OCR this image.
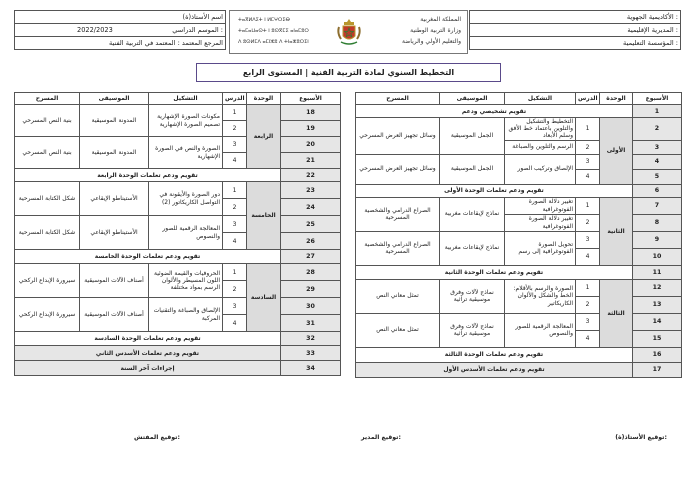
اسم الأستاذ(ة)
2022/2023	الموسم الدراسي :

المرجع المعتمد : المعتمد في التربية الفنية
الأكاديمية الجهوية :
المديرية الإقليمية :
المؤسسة التعليمية :
ⵜⴰⴳⵍⴷⵉⵜ ⵏ ⵍⵎⵖⵔⵉⴱ
ⵜⴰⵎⴰⵡⴰⵙⵜ ⵏ ⵓⵙⴳⵎⵉ ⴰⵏⴰⵎⵓⵔ
ⴷ ⵓⵙⵍⵎⴷ ⴰⵎⵏⵣⵓ ⴷ ⵜⵏⴰⵣⵓⵔⵉⵏ
المملكة المغربية
وزارة التربية الوطنية
والتعليم الأولي والرياضة
التخطيط السنوي لمادة التربية الفنية | المستوى الرابع
المسرح	الموسيقى	التشكيل	الدرس	الوحدة	الأسبوع
بنية النص المسرحي	المدونة الموسيقية	مكونات الصورة الإشهارية تصميم الصورة الإشهارية	1	الرابعة	18
			2		19
بنية النص المسرحي	المدونة الموسيقية	الصورة والنص في الصورة الإشهارية	3		20
			4		21
تقويم ودعم تعلمات الوحدة الرابعة					22
شكل الكتابة المسرحية	الأستيناطو الإيقاعي	دور الصورة والأيقونة في التواصل الكاريكاتور (2)	1	الخامسة	23
			2		24
شكل الكتابة المسرحية	الأستيناطو الإيقاعي	المعالجة الرقمية للصور والنصوص	3		25
			4		26
تقويم ودعم تعلمات الوحدة الخامسة					27
سيرورة الإبداع الركحي	أصناف الآلات الموسيقية	الحروفيات والقيمة الضوئية اللون المسيطر والألوان الرسم بمواد مختلفة	1	السادسة	28
			2		29
سيرورة الإبداع الركحي	أصناف الآلات الموسيقية	الإلصاق والصباغة والتقنيات المركبة	3		30
			4		31
تقويم ودعم تعلمات الوحدة السادسة					32
تقويم ودعم تعلمات الأسدس الثاني					33
إجراءات آخر السنة					34
المسرح	الموسيقى	التشكيل	الدرس	الوحدة	الأسبوع
تقويم تشخيصي ودعم					1
وسائل تجهيز العرض المسرحي	الجمل الموسيقية	التخطيط والتشكيل والتلوين باعتماد خط الأفق وسلم الأبعاد	1	الأولى	2
		الرسم والتلوين والصباغة	2		3
وسائل تجهيز العرض المسرحي	الجمل الموسيقية	الإلصاق وتركيب الصور	3		4
			4		5
تقويم ودعم تعلمات الوحدة الأولى					6
الصراع الدرامي والشخصية المسرحية	نماذج لإيقاعات مغربية	تغيير دلالة الصورة الفوتوغرافية	1	الثانية	7
		تغيير دلالة الصورة الفوتوغرافية	2		8
الصراع الدرامي والشخصية المسرحية	نماذج لإيقاعات مغربية	تحويل الصورة الفوتوغرافية إلى رسم	3		9
			4		10
تقويم ودعم تعلمات الوحدة الثانية					11
تمثل معاني النص	نماذج لآلات وفرق موسيقية تراثية	الصورة والرسم بالأقلام: الخط والشكل والألوان الكاريكاتير	1	الثالثة	12
			2		13
تمثل معاني النص	نماذج لآلات وفرق موسيقية تراثية	المعالجة الرقمية للصور والنصوص	3		14
			4		15
تقويم ودعم تعلمات الوحدة الثالثة					16
تقويم ودعم تعلمات الأسدس الأول					17
توقيع الأستاذ(ة):
توقيع المدير:
توقيع المفتش:
